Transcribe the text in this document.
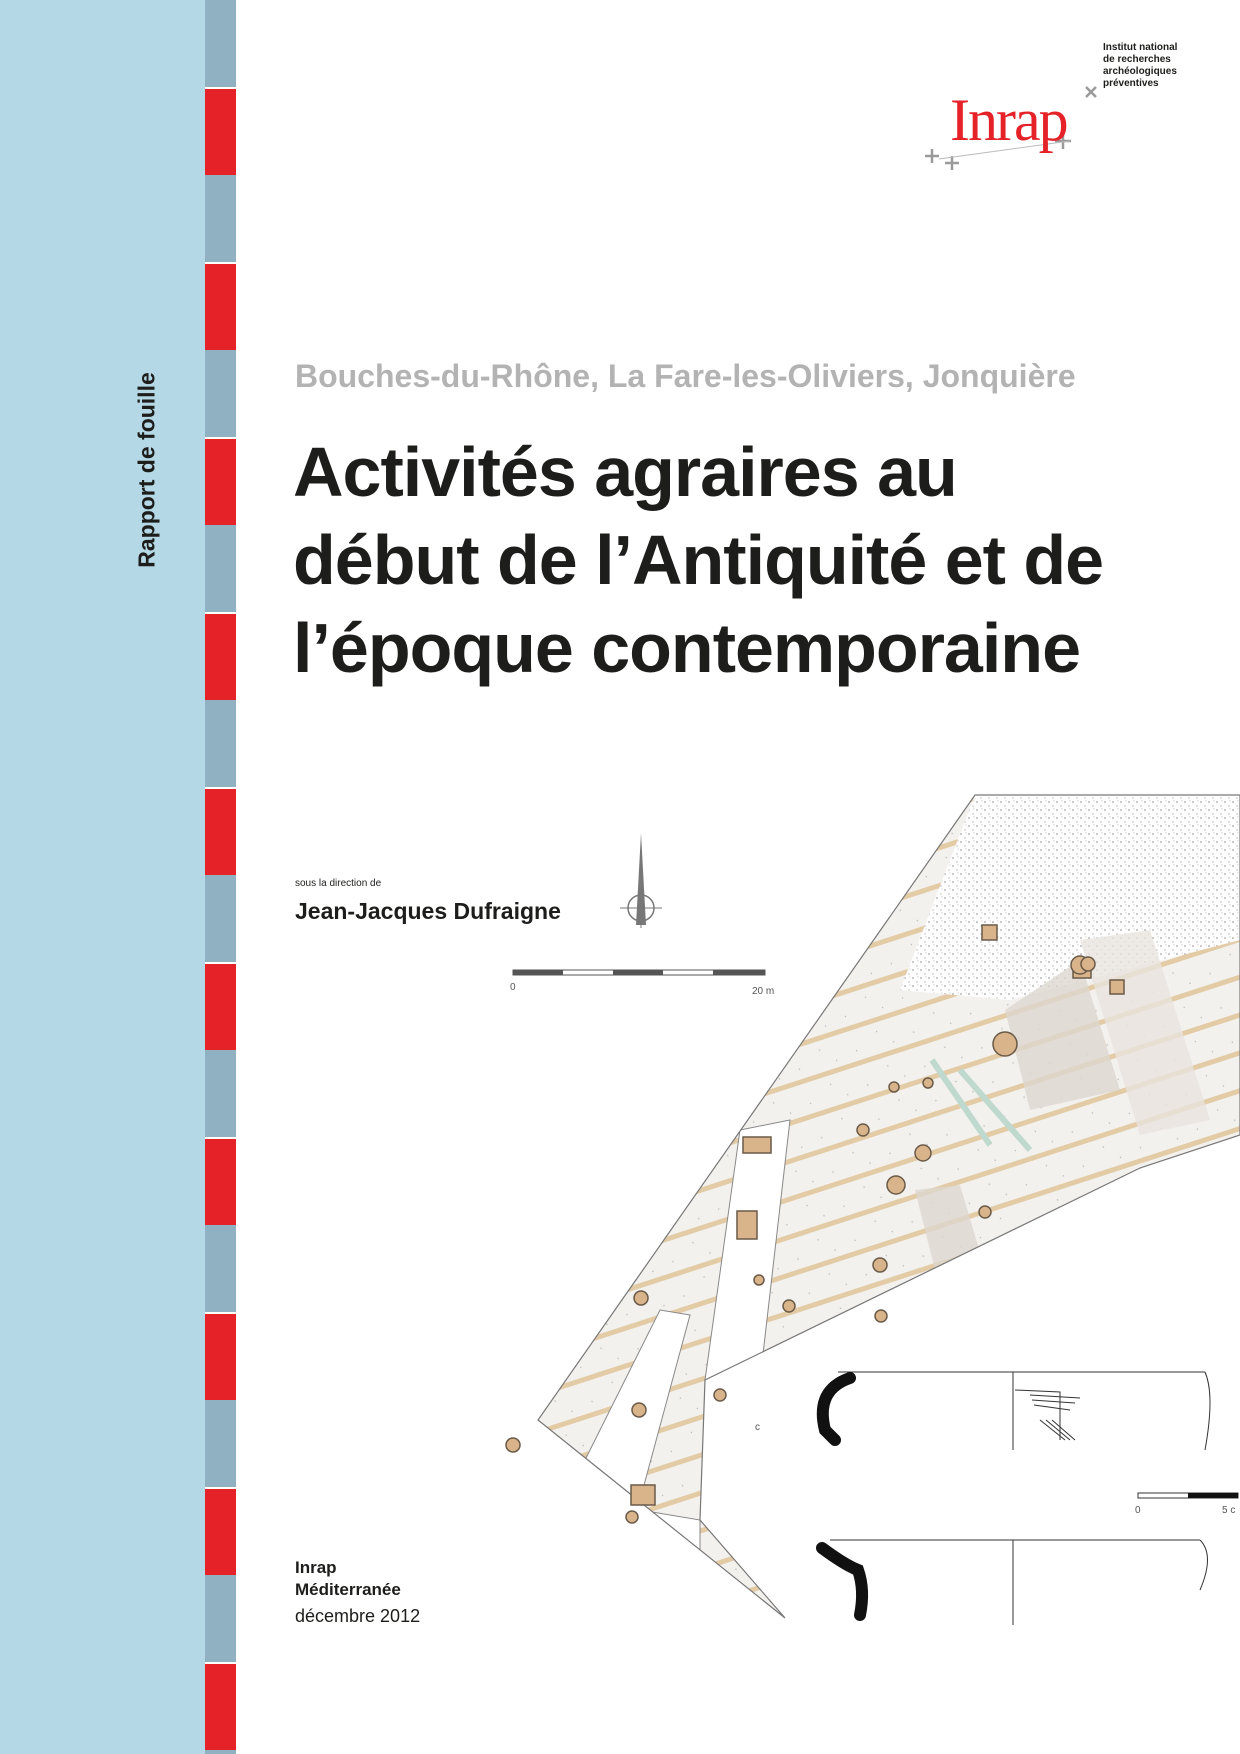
Rapport de fouille
Institut national
de recherches
archéologiques
préventives
Inrap
Bouches-du-Rhône, La Fare-les-Oliviers, Jonquière
Activités agraires au
début de l’Antiquité et de
l’époque contemporaine
sous la direction de
Jean-Jacques Dufraigne
0	20 m
c
0	5 c
Inrap
Méditerranée
décembre 2012
